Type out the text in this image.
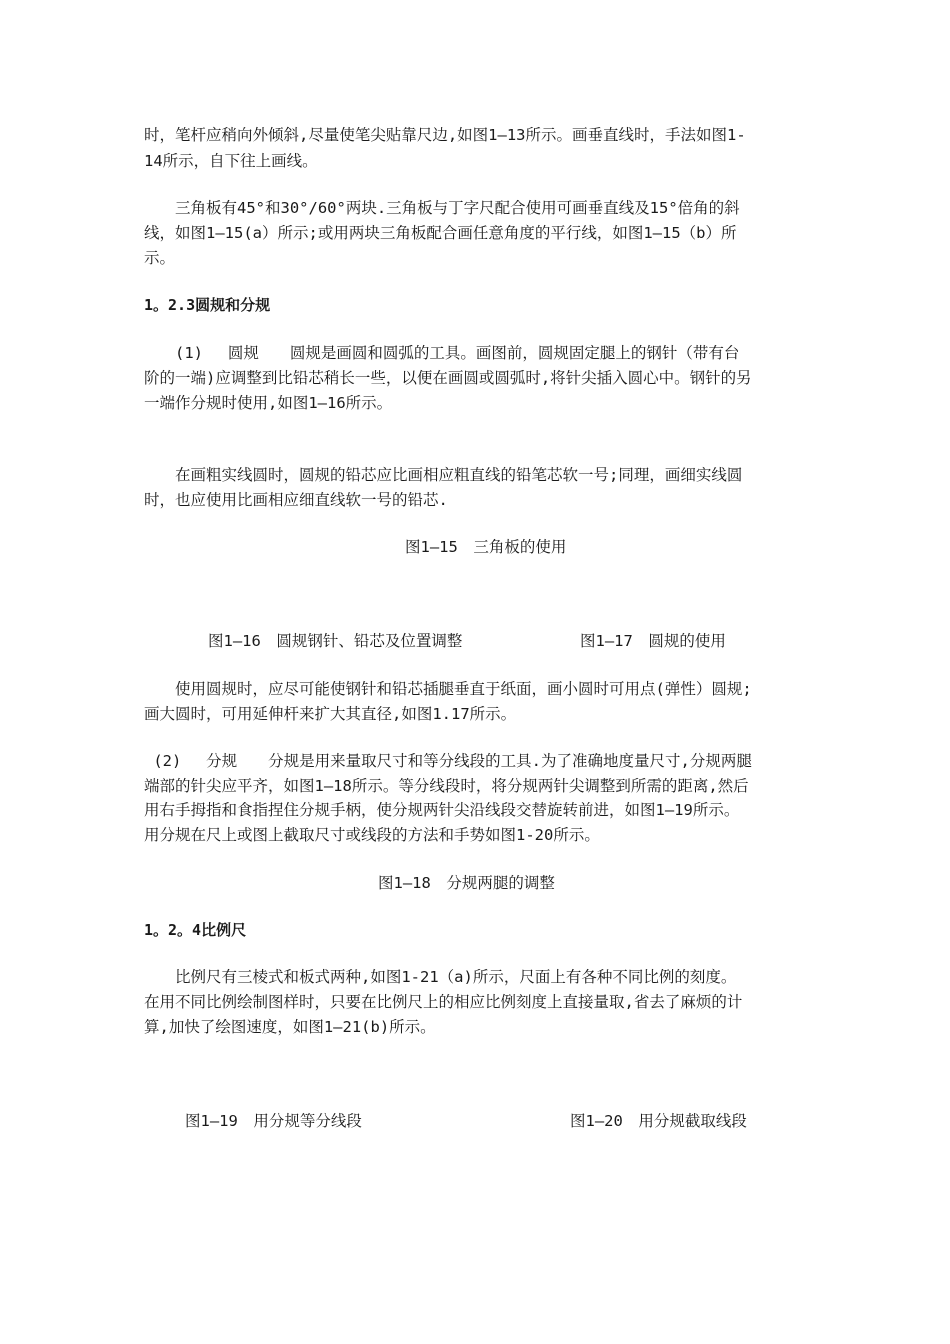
时，笔杆应稍向外倾斜,尽量使笔尖贴靠尺边,如图1—13所示。画垂直线时，手法如图1-

14所示，自下往上画线。

　　三角板有45°和30°/60°两块.三角板与丁字尺配合使用可画垂直线及15°倍角的斜

线，如图1—15(a）所示;或用两块三角板配合画任意角度的平行线，如图1—15（b）所

示。

1。2.3圆规和分规

　　(1)　 圆规　　圆规是画圆和圆弧的工具。画图前，圆规固定腿上的钢针（带有台

阶的一端)应调整到比铅芯稍长一些，以便在画圆或圆弧时,将针尖插入圆心中。钢针的另

一端作分规时使用,如图1—16所示。

　　在画粗实线圆时，圆规的铅芯应比画相应粗直线的铅笔芯软一号;同理，画细实线圆

时，也应使用比画相应细直线软一号的铅芯.

图1—15　三角板的使用

图1—16　圆规钢针、铅芯及位置调整	图1—17　圆规的使用

　　使用圆规时，应尽可能使钢针和铅芯插腿垂直于纸面，画小圆时可用点(弹性）圆规;

画大圆时，可用延伸杆来扩大其直径,如图1.17所示。

(2)　 分规　　分规是用来量取尺寸和等分线段的工具.为了准确地度量尺寸,分规两腿

端部的针尖应平齐，如图1—18所示。等分线段时，将分规两针尖调整到所需的距离,然后

用右手拇指和食指捏住分规手柄，使分规两针尖沿线段交替旋转前进，如图1—19所示。

用分规在尺上或图上截取尺寸或线段的方法和手势如图1-20所示。

图1—18　分规两腿的调整

1。2。4比例尺

　　比例尺有三棱式和板式两种,如图1-21（a)所示，尺面上有各种不同比例的刻度。

在用不同比例绘制图样时，只要在比例尺上的相应比例刻度上直接量取,省去了麻烦的计

算,加快了绘图速度，如图1—21(b)所示。

图1—19　用分规等分线段	图1—20　用分规截取线段
